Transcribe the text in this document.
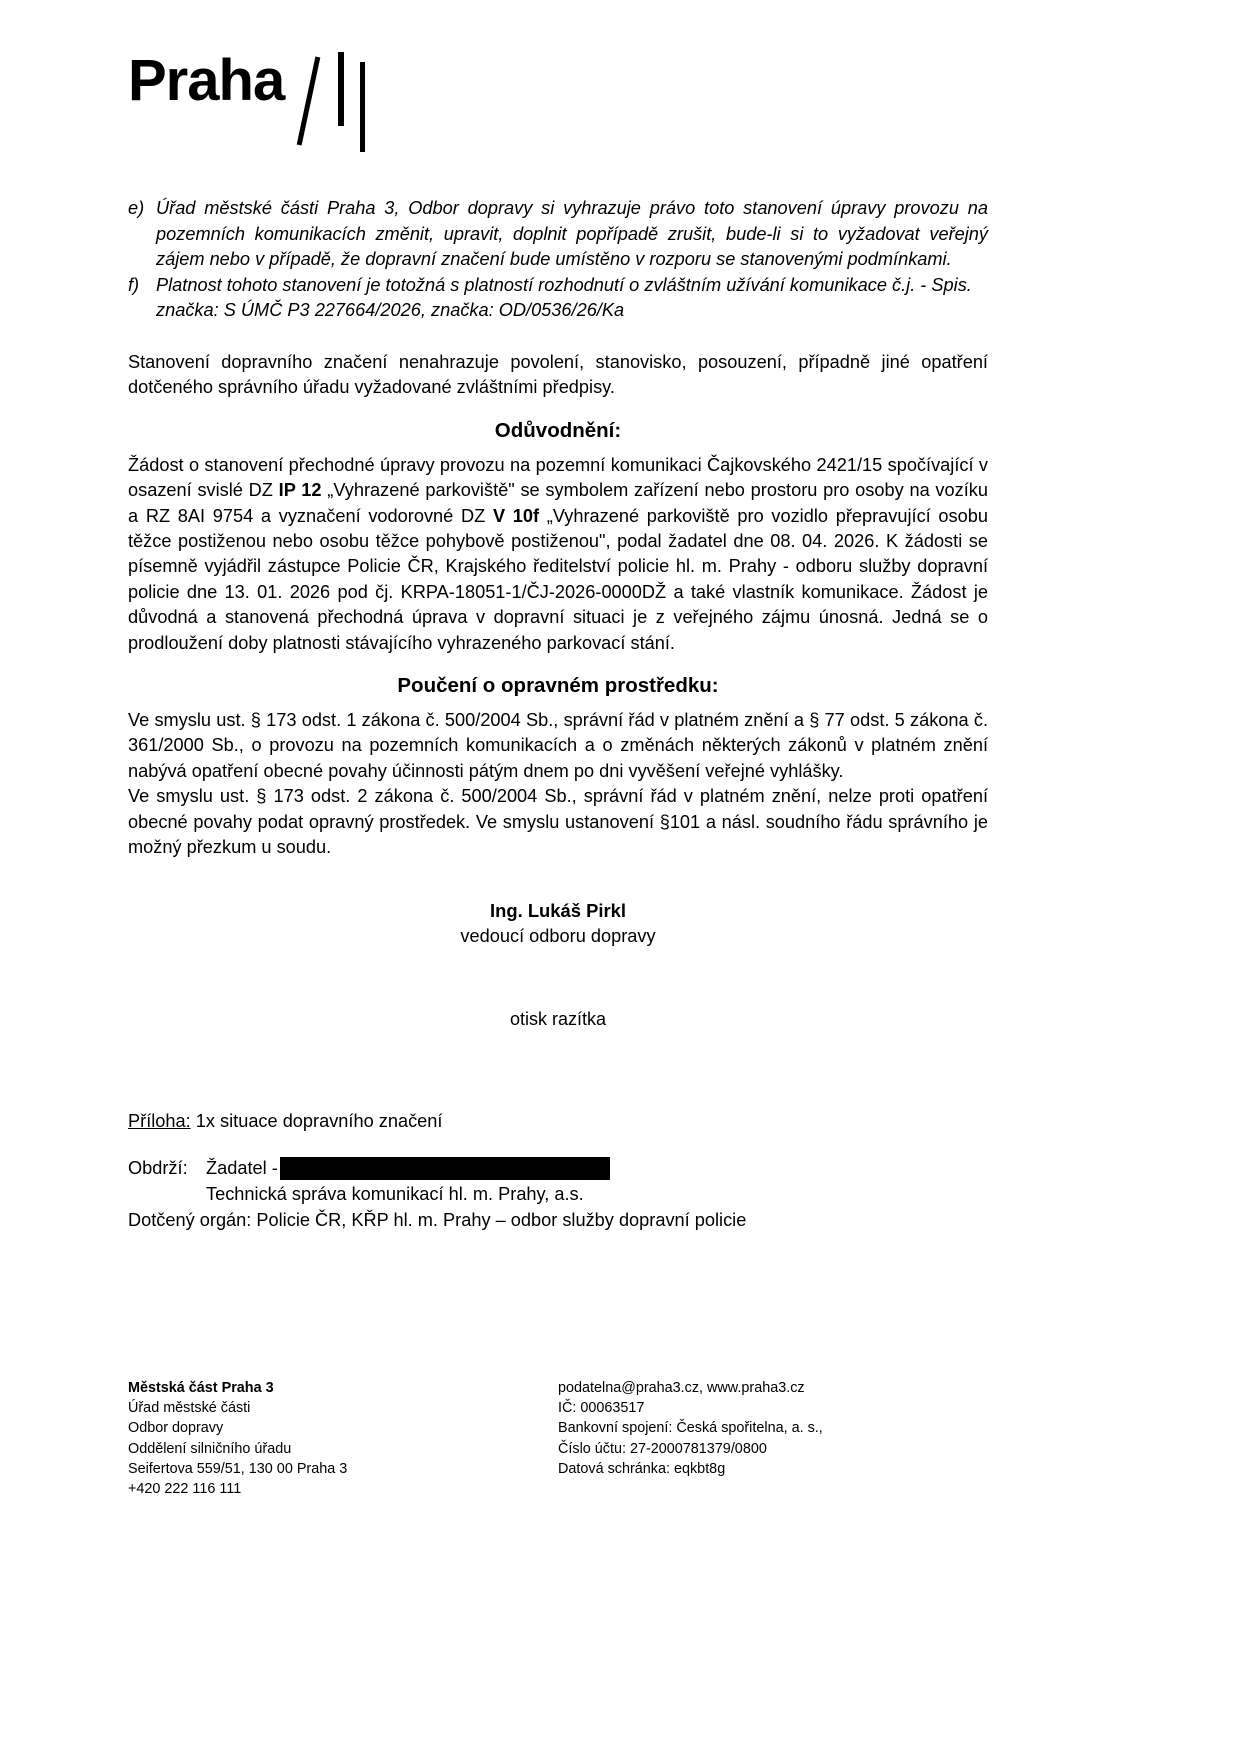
Praha
e) Úřad městské části Praha 3, Odbor dopravy si vyhrazuje právo toto stanovení úpravy provozu na pozemních komunikacích změnit, upravit, doplnit popřípadě zrušit, bude-li si to vyžadovat veřejný zájem nebo v případě, že dopravní značení bude umístěno v rozporu se stanovenými podmínkami.
f) Platnost tohoto stanovení je totožná s platností rozhodnutí o zvláštním užívání komunikace č.j. - Spis. značka: S ÚMČ P3 227664/2026, značka: OD/0536/26/Ka

Stanovení dopravního značení nenahrazuje povolení, stanovisko, posouzení, případně jiné opatření dotčeného správního úřadu vyžadované zvláštními předpisy.

Odůvodnění:

Žádost o stanovení přechodné úpravy provozu na pozemní komunikaci Čajkovského 2421/15 spočívající v osazení svislé DZ IP 12 „Vyhrazené parkoviště" se symbolem zařízení nebo prostoru pro osoby na vozíku a RZ 8AI 9754 a vyznačení vodorovné DZ V 10f „Vyhrazené parkoviště pro vozidlo přepravující osobu těžce postiženou nebo osobu těžce pohybově postiženou", podal žadatel dne 08. 04. 2026. K žádosti se písemně vyjádřil zástupce Policie ČR, Krajského ředitelství policie hl. m. Prahy - odboru služby dopravní policie dne 13. 01. 2026 pod čj. KRPA-18051-1/ČJ-2026-0000DŽ a také vlastník komunikace. Žádost je důvodná a stanovená přechodná úprava v dopravní situaci je z veřejného zájmu únosná. Jedná se o prodloužení doby platnosti stávajícího vyhrazeného parkovací stání.

Poučení o opravném prostředku:

Ve smyslu ust. § 173 odst. 1 zákona č. 500/2004 Sb., správní řád v platném znění a § 77 odst. 5 zákona č. 361/2000 Sb., o provozu na pozemních komunikacích a o změnách některých zákonů v platném znění nabývá opatření obecné povahy účinnosti pátým dnem po dni vyvěšení veřejné vyhlášky.

Ve smyslu ust. § 173 odst. 2 zákona č. 500/2004 Sb., správní řád v platném znění, nelze proti opatření obecné povahy podat opravný prostředek. Ve smyslu ustanovení §101 a násl. soudního řádu správního je možný přezkum u soudu.

Ing. Lukáš Pirkl
vedoucí odboru dopravy
otisk razítka
Příloha: 1x situace dopravního značení
Obdrží:	Žadatel -
Technická správa komunikací hl. m. Prahy, a.s.
Dotčený orgán: Policie ČR, KŘP hl. m. Prahy – odbor služby dopravní policie
Městská část Praha 3
Úřad městské části
Odbor dopravy
Oddělení silničního úřadu
Seifertova 559/51, 130 00 Praha 3
+420 222 116 111
podatelna@praha3.cz, www.praha3.cz
IČ: 00063517
Bankovní spojení: Česká spořitelna, a. s.,
Číslo účtu: 27-2000781379/0800
Datová schránka: eqkbt8g
